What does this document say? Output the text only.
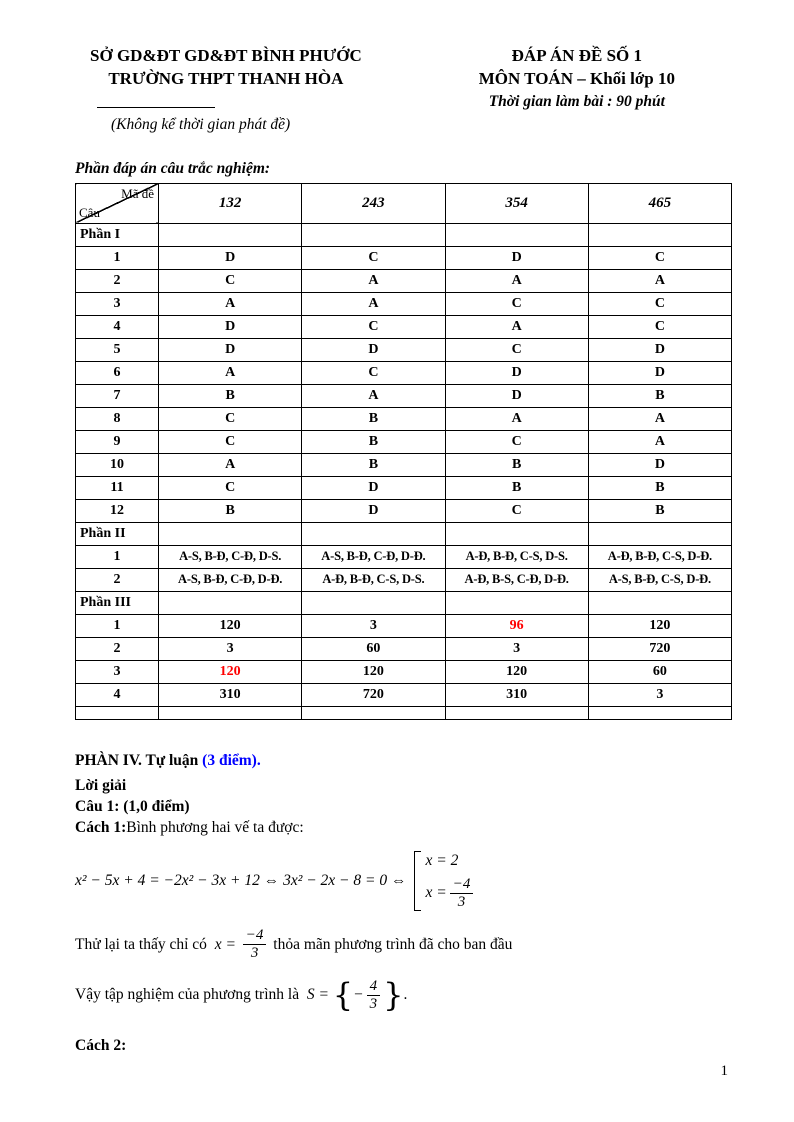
SỞ GD&ĐT GD&ĐT BÌNH PHƯỚC
TRƯỜNG THPT THANH HÒA
(Không kể thời gian phát đề)
ĐÁP ÁN ĐỀ SỐ 1
MÔN TOÁN – Khối lớp 10
Thời gian làm bài : 90 phút
Phần đáp án câu trắc nghiệm:
Mã đề
Câu	132	243	354	465
Phần I				
1	D	C	D	C
2	C	A	A	A
3	A	A	C	C
4	D	C	A	C
5	D	D	C	D
6	A	C	D	D
7	B	A	D	B
8	C	B	A	A
9	C	B	C	A
10	A	B	B	D
11	C	D	B	B
12	B	D	C	B
Phần II				
1	A-S, B-Đ, C-Đ, D-S.	A-S, B-Đ, C-Đ, D-Đ.	A-Đ, B-Đ, C-S, D-S.	A-Đ, B-Đ, C-S, D-Đ.
2	A-S, B-Đ, C-Đ, D-Đ.	A-Đ, B-Đ, C-S, D-S.	A-Đ, B-S, C-Đ, D-Đ.	A-S, B-Đ, C-S, D-Đ.
Phần III				
1	120	3	96	120
2	3	60	3	720
3	120	120	120	60
4	310	720	310	3

PHÀN IV. Tự luận (3 điểm).
Lời giải
Câu 1: (1,0 điểm)
Cách 1:Bình phương hai vế ta được:
x² − 5x + 4 = −2x² − 3x + 12 ⇔ 3x² − 2x − 8 = 0 ⇔
x = 2
$x = \frac{-4}{3}$
Thử lại ta thấy chỉ có $x = \frac{-4}{3}$ thỏa mãn phương trình đã cho ban đầu
Vậy tập nghiệm của phương trình là S = { − $\frac{4}{3}$ } .
Cách 2:
1
